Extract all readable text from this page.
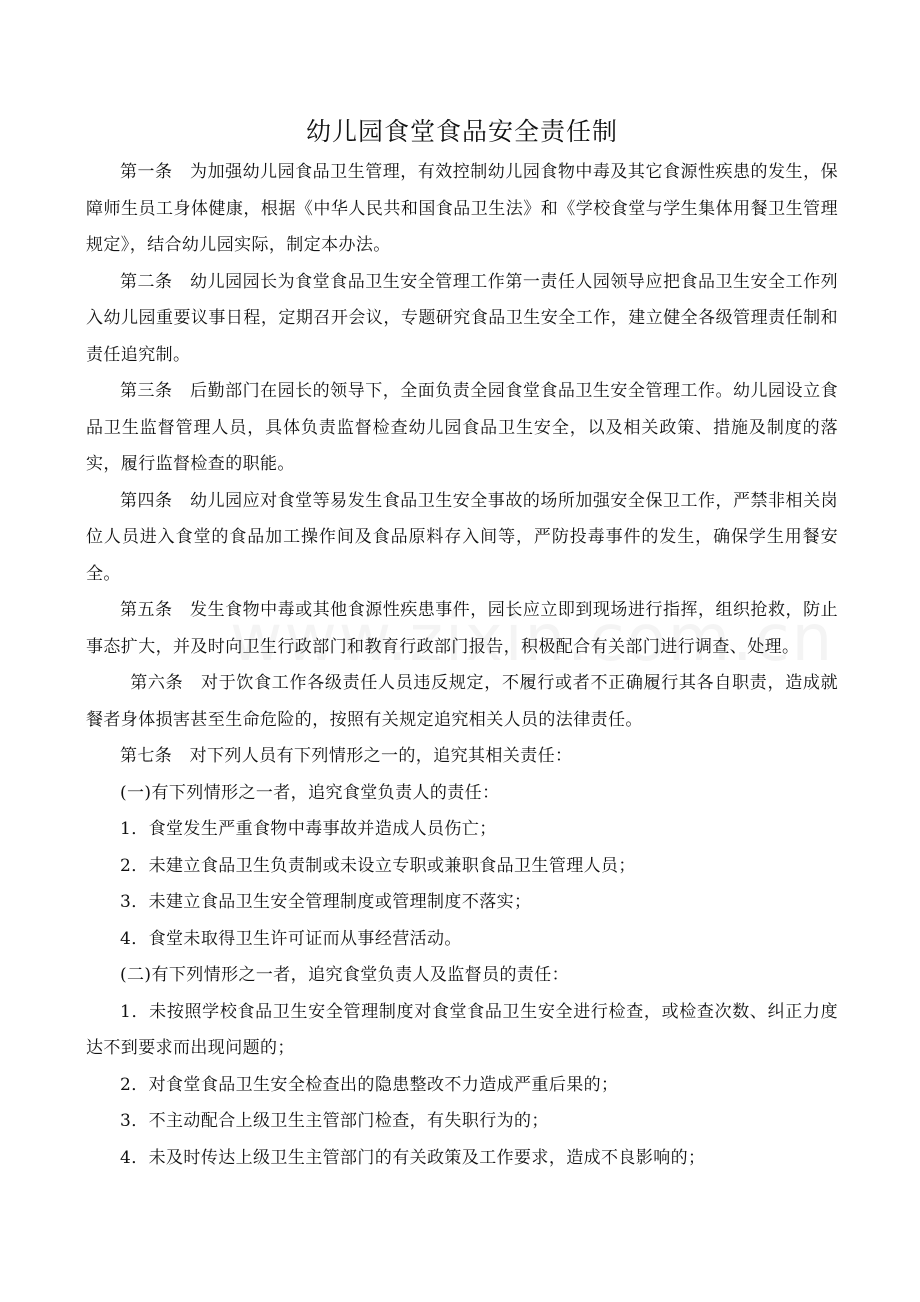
幼儿园食堂食品安全责任制

第一条　为加强幼儿园食品卫生管理，有效控制幼儿园食物中毒及其它食源性疾患的发生，保障师生员工身体健康，根据《中华人民共和国食品卫生法》和《学校食堂与学生集体用餐卫生管理规定》，结合幼儿园实际，制定本办法。

第二条　幼儿园园长为食堂食品卫生安全管理工作第一责任人园领导应把食品卫生安全工作列入幼儿园重要议事日程，定期召开会议，专题研究食品卫生安全工作，建立健全各级管理责任制和责任追究制。

第三条　后勤部门在园长的领导下，全面负责全园食堂食品卫生安全管理工作。幼儿园设立食品卫生监督管理人员，具体负责监督检查幼儿园食品卫生安全，以及相关政策、措施及制度的落实，履行监督检查的职能。

第四条　幼儿园应对食堂等易发生食品卫生安全事故的场所加强安全保卫工作，严禁非相关岗位人员进入食堂的食品加工操作间及食品原料存入间等，严防投毒事件的发生，确保学生用餐安全。

第五条　发生食物中毒或其他食源性疾患事件，园长应立即到现场进行指挥，组织抢救，防止事态扩大，并及时向卫生行政部门和教育行政部门报告，积极配合有关部门进行调查、处理。

第六条　对于饮食工作各级责任人员违反规定，不履行或者不正确履行其各自职责，造成就餐者身体损害甚至生命危险的，按照有关规定追究相关人员的法律责任。

第七条　对下列人员有下列情形之一的，追究其相关责任：

(一)有下列情形之一者，追究食堂负责人的责任：

1．食堂发生严重食物中毒事故并造成人员伤亡；

2．未建立食品卫生负责制或未设立专职或兼职食品卫生管理人员；

3．未建立食品卫生安全管理制度或管理制度不落实；

4．食堂未取得卫生许可证而从事经营活动。

(二)有下列情形之一者，追究食堂负责人及监督员的责任：

1．未按照学校食品卫生安全管理制度对食堂食品卫生安全进行检查，或检查次数、纠正力度达不到要求而出现问题的；

2．对食堂食品卫生安全检查出的隐患整改不力造成严重后果的；

3．不主动配合上级卫生主管部门检查，有失职行为的；

4．未及时传达上级卫生主管部门的有关政策及工作要求，造成不良影响的；
